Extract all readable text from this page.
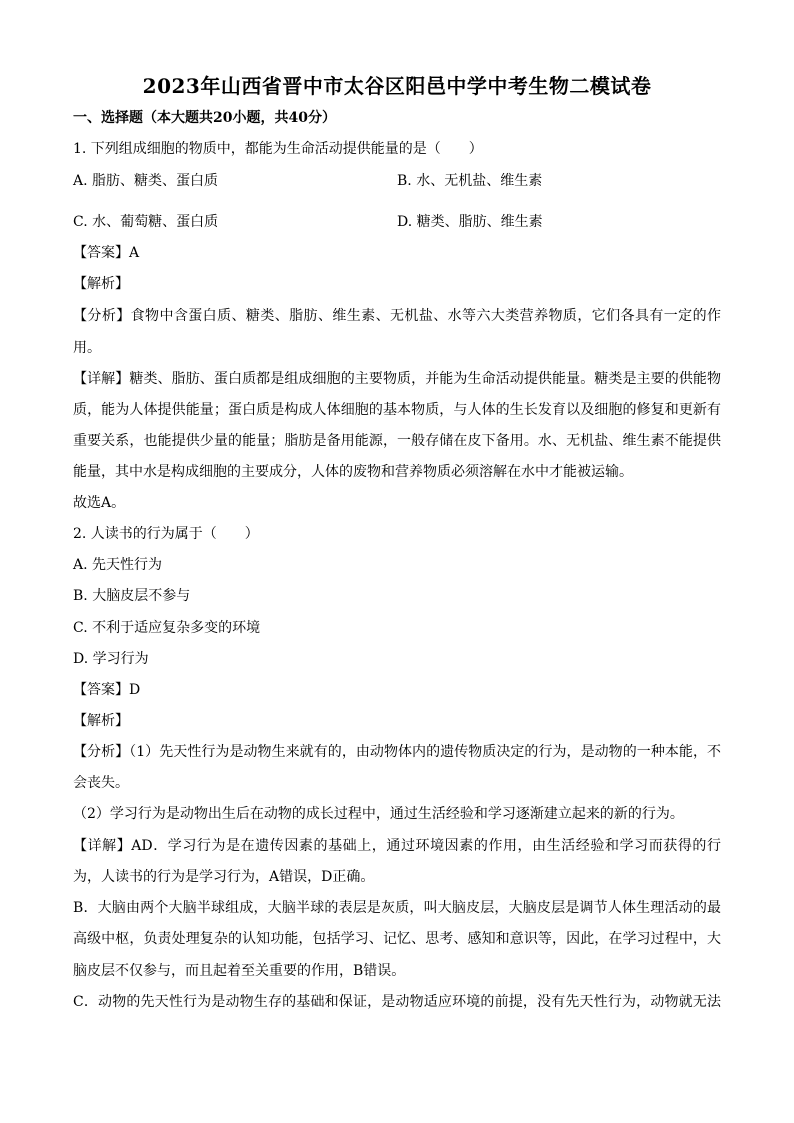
2023年山西省晋中市太谷区阳邑中学中考生物二模试卷
一、选择题（本大题共20小题，共40分）
1. 下列组成细胞的物质中，都能为生命活动提供能量的是（　　）
A. 脂肪、糖类、蛋白质	B. 水、无机盐、维生素
C. 水、葡萄糖、蛋白质	D. 糖类、脂肪、维生素
【答案】A
【解析】
【分析】食物中含蛋白质、糖类、脂肪、维生素、无机盐、水等六大类营养物质，它们各具有一定的作
用。
【详解】糖类、脂肪、蛋白质都是组成细胞的主要物质，并能为生命活动提供能量。糖类是主要的供能物
质，能为人体提供能量；蛋白质是构成人体细胞的基本物质，与人体的生长发育以及细胞的修复和更新有
重要关系，也能提供少量的能量；脂肪是备用能源，一般存储在皮下备用。水、无机盐、维生素不能提供
能量，其中水是构成细胞的主要成分，人体的废物和营养物质必须溶解在水中才能被运输。
故选A。
2. 人读书的行为属于（　　）
A. 先天性行为
B. 大脑皮层不参与
C. 不利于适应复杂多变的环境
D. 学习行为
【答案】D
【解析】
【分析】（1）先天性行为是动物生来就有的，由动物体内的遗传物质决定的行为，是动物的一种本能，不
会丧失。
（2）学习行为是动物出生后在动物的成长过程中，通过生活经验和学习逐渐建立起来的新的行为。
【详解】AD．学习行为是在遗传因素的基础上，通过环境因素的作用，由生活经验和学习而获得的行
为，人读书的行为是学习行为，A错误，D正确。
B．大脑由两个大脑半球组成，大脑半球的表层是灰质，叫大脑皮层，大脑皮层是调节人体生理活动的最
高级中枢，负责处理复杂的认知功能，包括学习、记忆、思考、感知和意识等，因此，在学习过程中，大
脑皮层不仅参与，而且起着至关重要的作用，B错误。
C．动物的先天性行为是动物生存的基础和保证，是动物适应环境的前提，没有先天性行为，动物就无法
